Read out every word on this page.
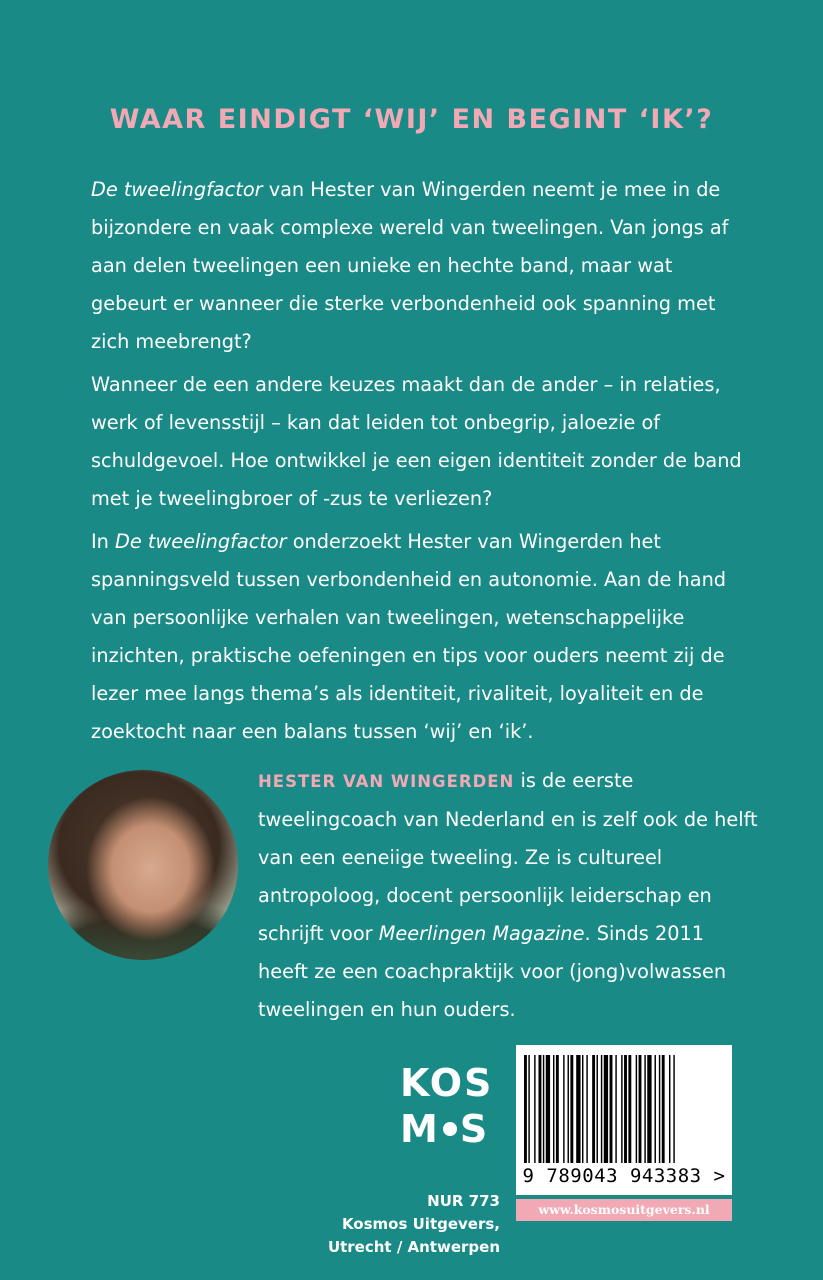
WAAR EINDIGT ‘WIJ’ EN BEGINT ‘IK’?

De tweelingfactor van Hester van Wingerden neemt je mee in de bijzondere en vaak complexe wereld van tweelingen. Van jongs af aan delen tweelingen een unieke en hechte band, maar wat gebeurt er wanneer die sterke verbondenheid ook spanning met zich meebrengt?

Wanneer de een andere keuzes maakt dan de ander – in relaties, werk of levensstijl – kan dat leiden tot onbegrip, jaloezie of schuldgevoel. Hoe ontwikkel je een eigen identiteit zonder de band met je tweelingbroer of -zus te verliezen?

In De tweelingfactor onderzoekt Hester van Wingerden het spanningsveld tussen verbondenheid en autonomie. Aan de hand van persoonlijke verhalen van tweelingen, wetenschappelijke inzichten, praktische oefeningen en tips voor ouders neemt zij de lezer mee langs thema’s als identiteit, rivaliteit, loyaliteit en de zoektocht naar een balans tussen ‘wij’ en ‘ik’.

HESTER VAN WINGERDEN is de eerste tweelingcoach van Nederland en is zelf ook de helft van een eeneiige tweeling. Ze is cultureel antropoloog, docent persoonlijk leiderschap en schrijft voor Meerlingen Magazine. Sinds 2011 heeft ze een coachpraktijk voor (jong)volwassen tweelingen en hun ouders.

KOS
M S
NUR 773
Kosmos Uitgevers,
Utrecht / Antwerpen
9 789043 943383 >
www.kosmosuitgevers.nl
